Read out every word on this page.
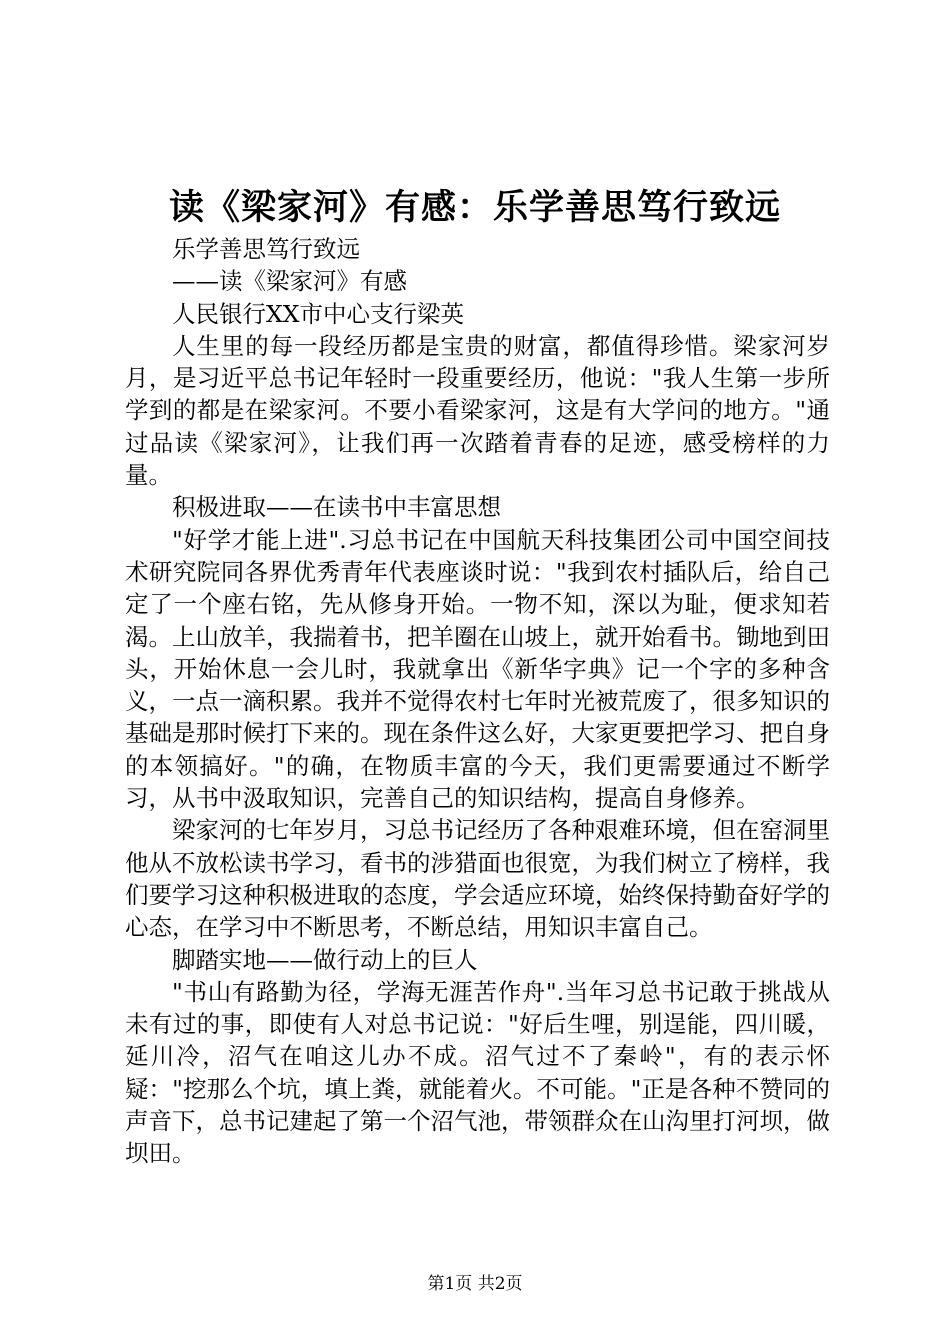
读《梁家河》有感：乐学善思笃行致远

乐学善思笃行致远

——读《梁家河》有感

人民银行XX市中心支行梁英

人生里的每一段经历都是宝贵的财富，都值得珍惜。梁家河岁月，是习近平总书记年轻时一段重要经历，他说："我人生第一步所学到的都是在梁家河。不要小看梁家河，这是有大学问的地方。"通过品读《梁家河》，让我们再一次踏着青春的足迹，感受榜样的力量。

积极进取——在读书中丰富思想

"好学才能上进".习总书记在中国航天科技集团公司中国空间技术研究院同各界优秀青年代表座谈时说："我到农村插队后，给自己定了一个座右铭，先从修身开始。一物不知，深以为耻，便求知若渴。上山放羊，我揣着书，把羊圈在山坡上，就开始看书。锄地到田头，开始休息一会儿时，我就拿出《新华字典》记一个字的多种含义，一点一滴积累。我并不觉得农村七年时光被荒废了，很多知识的基础是那时候打下来的。现在条件这么好，大家更要把学习、把自身的本领搞好。"的确，在物质丰富的今天，我们更需要通过不断学习，从书中汲取知识，完善自己的知识结构，提高自身修养。

梁家河的七年岁月，习总书记经历了各种艰难环境，但在窑洞里他从不放松读书学习，看书的涉猎面也很宽，为我们树立了榜样，我们要学习这种积极进取的态度，学会适应环境，始终保持勤奋好学的心态，在学习中不断思考，不断总结，用知识丰富自己。

脚踏实地——做行动上的巨人

"书山有路勤为径，学海无涯苦作舟".当年习总书记敢于挑战从未有过的事，即使有人对总书记说："好后生哩，别逞能，四川暖，延川冷，沼气在咱这儿办不成。沼气过不了秦岭"，有的表示怀疑："挖那么个坑，填上粪，就能着火。不可能。"正是各种不赞同的声音下，总书记建起了第一个沼气池，带领群众在山沟里打河坝，做坝田。

第1页 共2页
